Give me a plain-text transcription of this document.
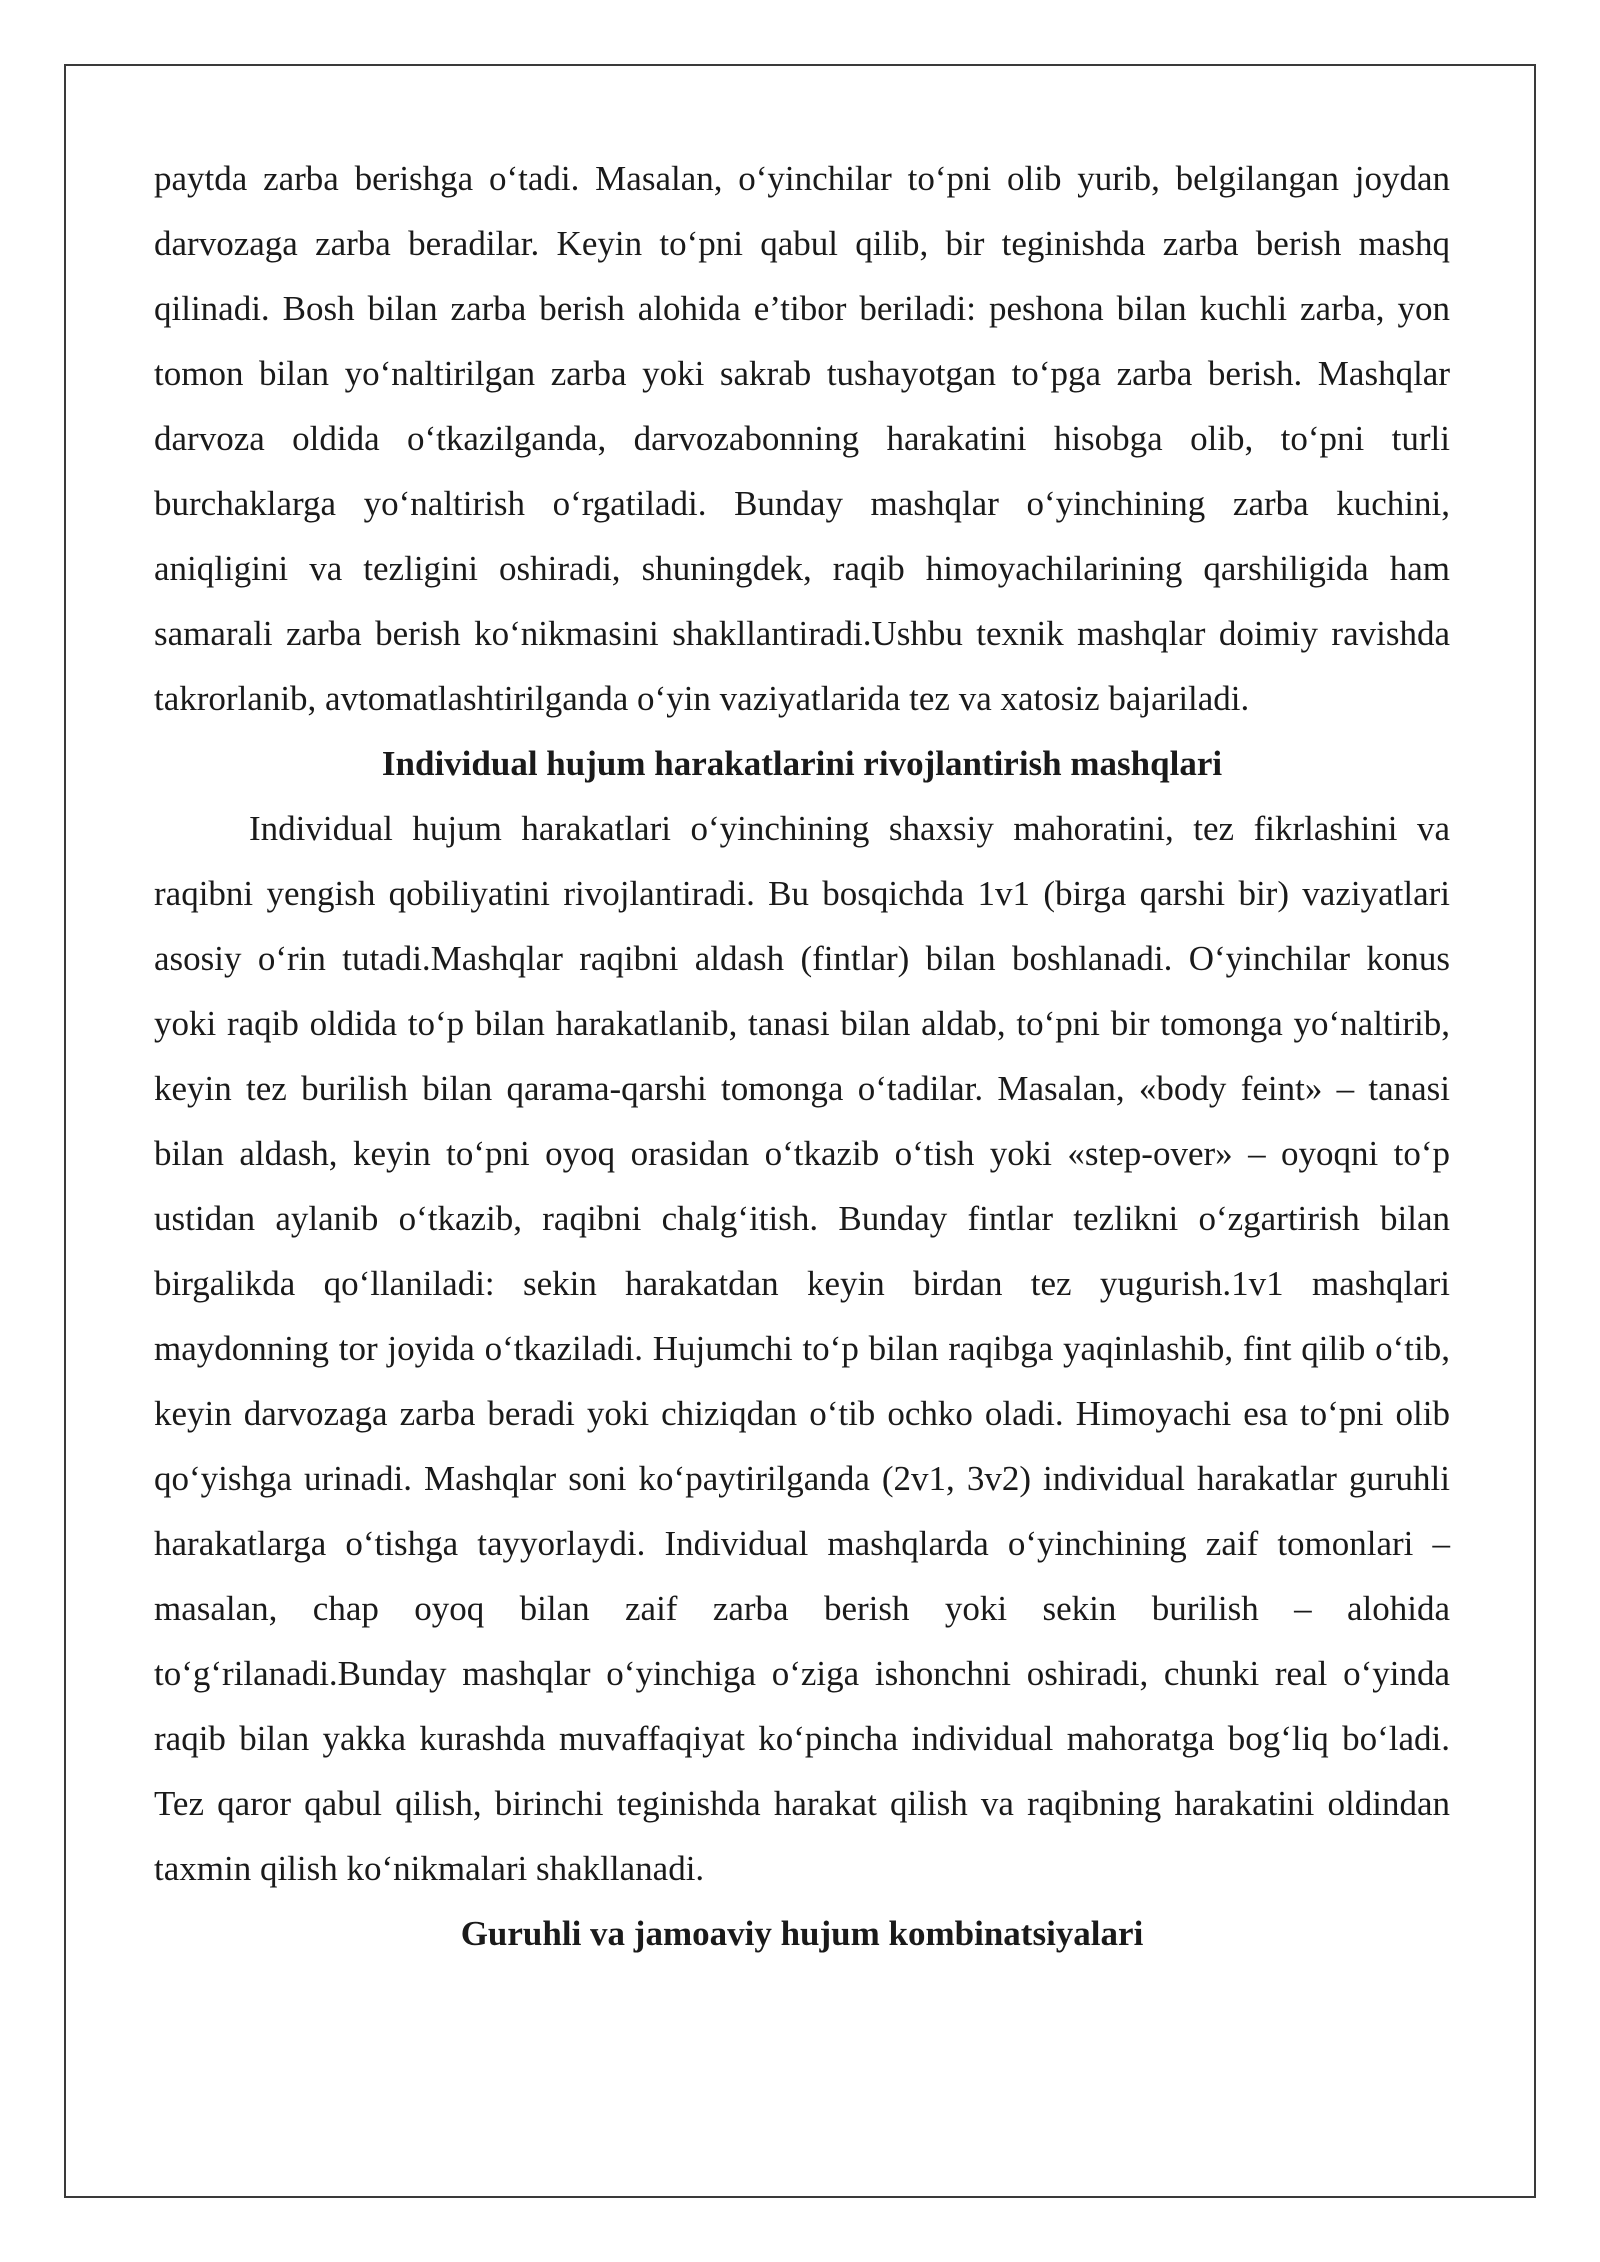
paytda zarba berishga o‘tadi. Masalan, o‘yinchilar to‘pni olib yurib, belgilangan joydan darvozaga zarba beradilar. Keyin to‘pni qabul qilib, bir teginishda zarba berish mashq qilinadi. Bosh bilan zarba berish alohida e’tibor beriladi: peshona bilan kuchli zarba, yon tomon bilan yo‘naltirilgan zarba yoki sakrab tushayotgan to‘pga zarba berish. Mashqlar darvoza oldida o‘tkazilganda, darvozabonning harakatini hisobga olib, to‘pni turli burchaklarga yo‘naltirish o‘rgatiladi. Bunday mashqlar o‘yinchining zarba kuchini, aniqligini va tezligini oshiradi, shuningdek, raqib himoyachilarining qarshiligida ham samarali zarba berish ko‘nikmasini shakllantiradi.Ushbu texnik mashqlar doimiy ravishda takrorlanib, avtomatlashtirilganda o‘yin vaziyatlarida tez va xatosiz bajariladi.

Individual hujum harakatlarini rivojlantirish mashqlari

Individual hujum harakatlari o‘yinchining shaxsiy mahoratini, tez fikrlashini va raqibni yengish qobiliyatini rivojlantiradi. Bu bosqichda 1v1 (birga qarshi bir) vaziyatlari asosiy o‘rin tutadi.Mashqlar raqibni aldash (fintlar) bilan boshlanadi. O‘yinchilar konus yoki raqib oldida to‘p bilan harakatlanib, tanasi bilan aldab, to‘pni bir tomonga yo‘naltirib, keyin tez burilish bilan qarama-qarshi tomonga o‘tadilar. Masalan, «body feint» – tanasi bilan aldash, keyin to‘pni oyoq orasidan o‘tkazib o‘tish yoki «step-over» – oyoqni to‘p ustidan aylanib o‘tkazib, raqibni chalg‘itish. Bunday fintlar tezlikni o‘zgartirish bilan birgalikda qo‘llaniladi: sekin harakatdan keyin birdan tez yugurish.1v1 mashqlari maydonning tor joyida o‘tkaziladi. Hujumchi to‘p bilan raqibga yaqinlashib, fint qilib o‘tib, keyin darvozaga zarba beradi yoki chiziqdan o‘tib ochko oladi. Himoyachi esa to‘pni olib qo‘yishga urinadi. Mashqlar soni ko‘paytirilganda (2v1, 3v2) individual harakatlar guruhli harakatlarga o‘tishga tayyorlaydi. Individual mashqlarda o‘yinchining zaif tomonlari – masalan, chap oyoq bilan zaif zarba berish yoki sekin burilish – alohida to‘g‘rilanadi.Bunday mashqlar o‘yinchiga o‘ziga ishonchni oshiradi, chunki real o‘yinda raqib bilan yakka kurashda muvaffaqiyat ko‘pincha individual mahoratga bog‘liq bo‘ladi. Tez qaror qabul qilish, birinchi teginishda harakat qilish va raqibning harakatini oldindan taxmin qilish ko‘nikmalari shakllanadi.

Guruhli va jamoaviy hujum kombinatsiyalari
